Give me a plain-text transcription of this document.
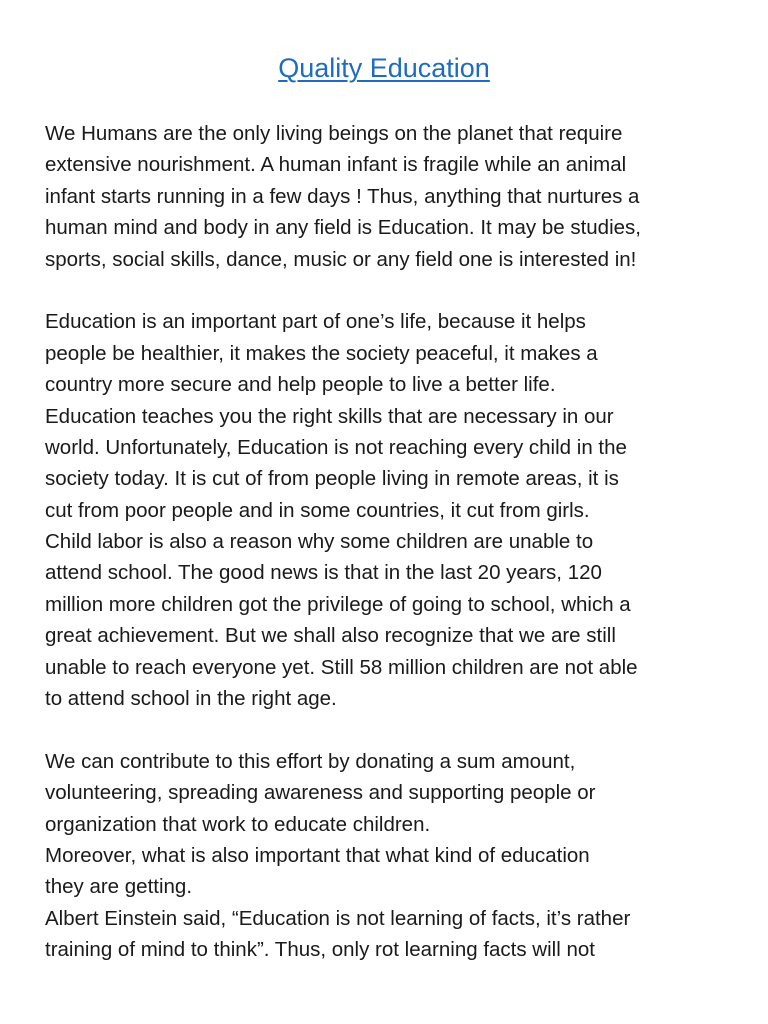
Quality Education
We Humans are the only living beings on the planet that require
extensive nourishment. A human infant is fragile while an animal
infant starts running in a few days ! Thus, anything that nurtures a
human mind and body in any field is Education. It may be studies,
sports, social skills, dance, music or any field one is interested in!
Education is an important part of one’s life, because it helps
people be healthier, it makes the society peaceful, it makes a
country more secure and help people to live a better life.
Education teaches you the right skills that are necessary in our
world. Unfortunately, Education is not reaching every child in the
society today. It is cut of from people living in remote areas, it is
cut from poor people and in some countries, it cut from girls.
Child labor is also a reason why some children are unable to
attend school. The good news is that in the last 20 years, 120
million more children got the privilege of going to school, which a
great achievement. But we shall also recognize that we are still
unable to reach everyone yet. Still 58 million children are not able
to attend school in the right age.
We can contribute to this effort by donating a sum amount,
volunteering, spreading awareness and supporting people or
organization that work to educate children.
Moreover, what is also important that what kind of education
they are getting.
Albert Einstein said, “Education is not learning of facts, it’s rather
training of mind to think”. Thus, only rot learning facts will not
